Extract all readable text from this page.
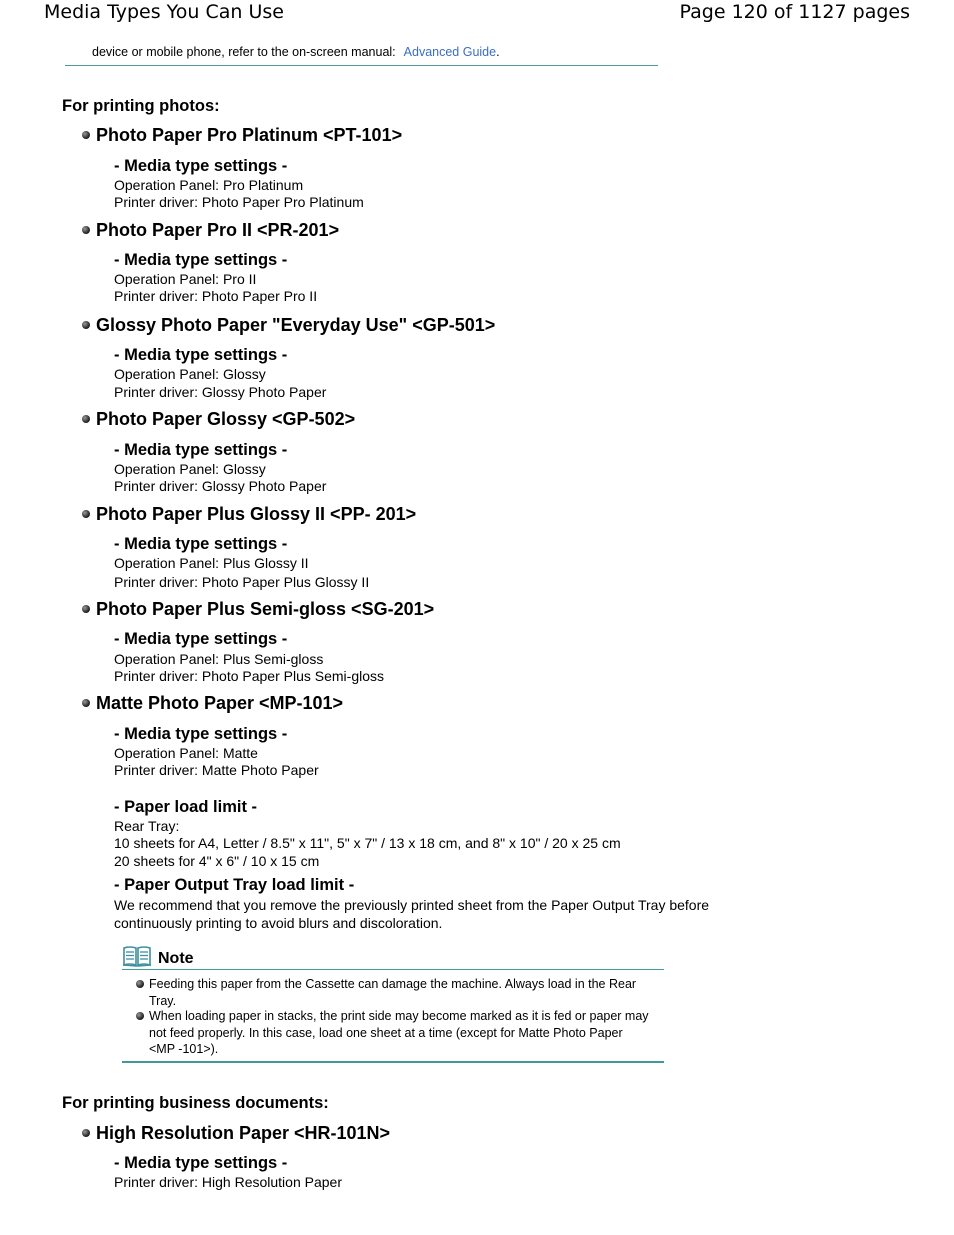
Media Types You Can Use	Page 120 of 1127 pages
device or mobile phone, refer to the on-screen manual: Advanced Guide.
For printing photos:
Photo Paper Pro Platinum <PT-101>
- Media type settings -
Operation Panel: Pro Platinum
Printer driver: Photo Paper Pro Platinum
Photo Paper Pro II <PR-201>
- Media type settings -
Operation Panel: Pro II
Printer driver: Photo Paper Pro II
Glossy Photo Paper "Everyday Use" <GP-501>
- Media type settings -
Operation Panel: Glossy
Printer driver: Glossy Photo Paper
Photo Paper Glossy <GP-502>
- Media type settings -
Operation Panel: Glossy
Printer driver: Glossy Photo Paper
Photo Paper Plus Glossy II <PP- 201>
- Media type settings -
Operation Panel: Plus Glossy II
Printer driver: Photo Paper Plus Glossy II
Photo Paper Plus Semi-gloss <SG-201>
- Media type settings -
Operation Panel: Plus Semi-gloss
Printer driver: Photo Paper Plus Semi-gloss
Matte Photo Paper <MP-101>
- Media type settings -
Operation Panel: Matte
Printer driver: Matte Photo Paper
- Paper load limit -
Rear Tray:
10 sheets for A4, Letter / 8.5" x 11", 5" x 7" / 13 x 18 cm, and 8" x 10" / 20 x 25 cm
20 sheets for 4" x 6" / 10 x 15 cm
- Paper Output Tray load limit -
We recommend that you remove the previously printed sheet from the Paper Output Tray before continuously printing to avoid blurs and discoloration.
Note
Feeding this paper from the Cassette can damage the machine. Always load in the Rear Tray.
When loading paper in stacks, the print side may become marked as it is fed or paper may not feed properly. In this case, load one sheet at a time (except for Matte Photo Paper <MP -101>).
For printing business documents:
High Resolution Paper <HR-101N>
- Media type settings -
Printer driver: High Resolution Paper
